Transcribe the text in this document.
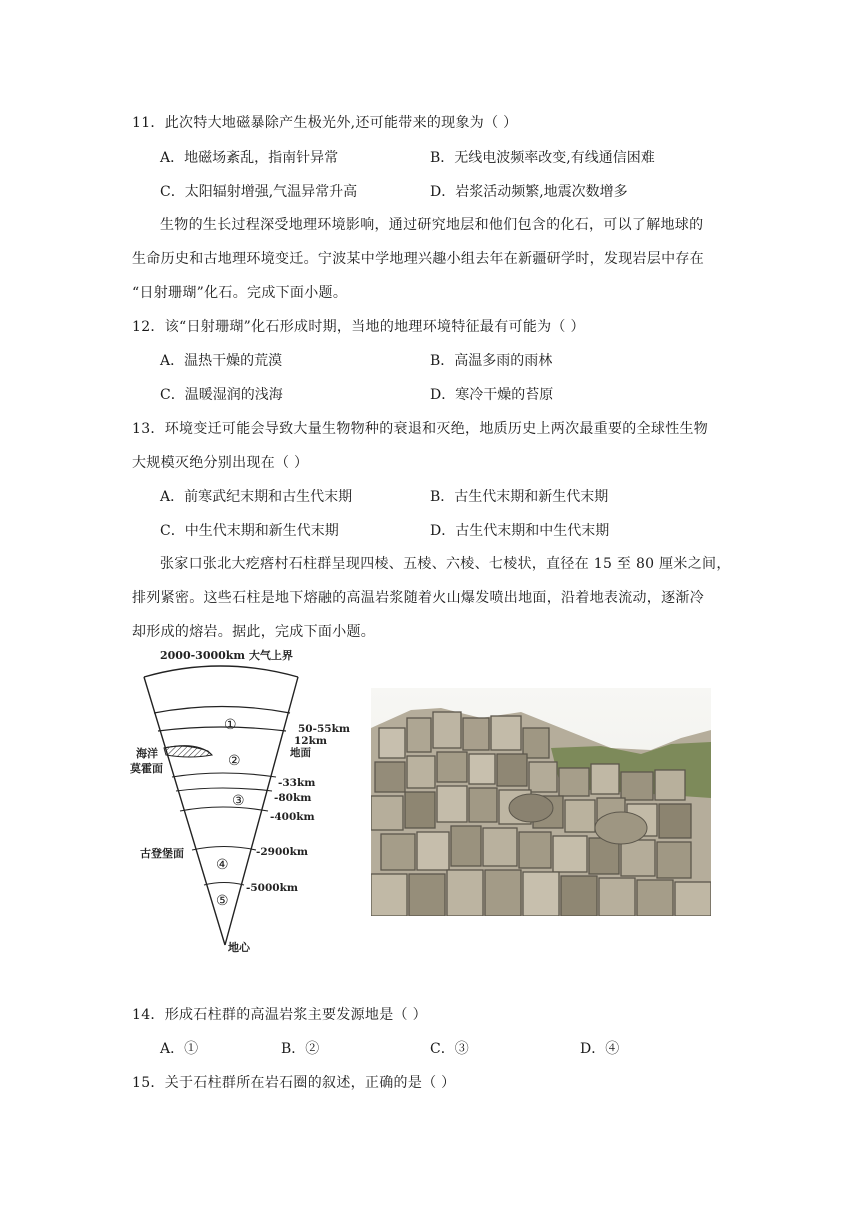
11．此次特大地磁暴除产生极光外,还可能带来的现象为（ ）
A．地磁场紊乱，指南针异常	B．无线电波频率改变,有线通信困难
C．太阳辐射增强,气温异常升高	D．岩浆活动频繁,地震次数增多
生物的生长过程深受地理环境影响，通过研究地层和他们包含的化石，可以了解地球的
生命历史和古地理环境变迁。宁波某中学地理兴趣小组去年在新疆研学时，发现岩层中存在
“日射珊瑚”化石。完成下面小题。
12．该“日射珊瑚”化石形成时期，当地的地理环境特征最有可能为（ ）
A．温热干燥的荒漠	B．高温多雨的雨林
C．温暖湿润的浅海	D．寒冷干燥的苔原
13．环境变迁可能会导致大量生物物种的衰退和灭绝，地质历史上两次最重要的全球性生物
大规模灭绝分别出现在（ ）
A．前寒武纪末期和古生代末期	B．古生代末期和新生代末期
C．中生代末期和新生代末期	D．古生代末期和中生代末期
张家口张北大疙瘩村石柱群呈现四棱、五棱、六棱、七棱状，直径在 15 至 80 厘米之间，
排列紧密。这些石柱是地下熔融的高温岩浆随着火山爆发喷出地面，沿着地表流动，逐渐冷
却形成的熔岩。据此，完成下面小题。
2000-3000km 大气上界
①
②
③
④
⑤
50-55km
12km
地面
-33km
-80km
-400km
-2900km
-5000km
海洋
莫霍面
古登堡面
地心
14．形成石柱群的高温岩浆主要发源地是（ ）
A．①	B．②	C．③	D．④
15．关于石柱群所在岩石圈的叙述，正确的是（ ）
